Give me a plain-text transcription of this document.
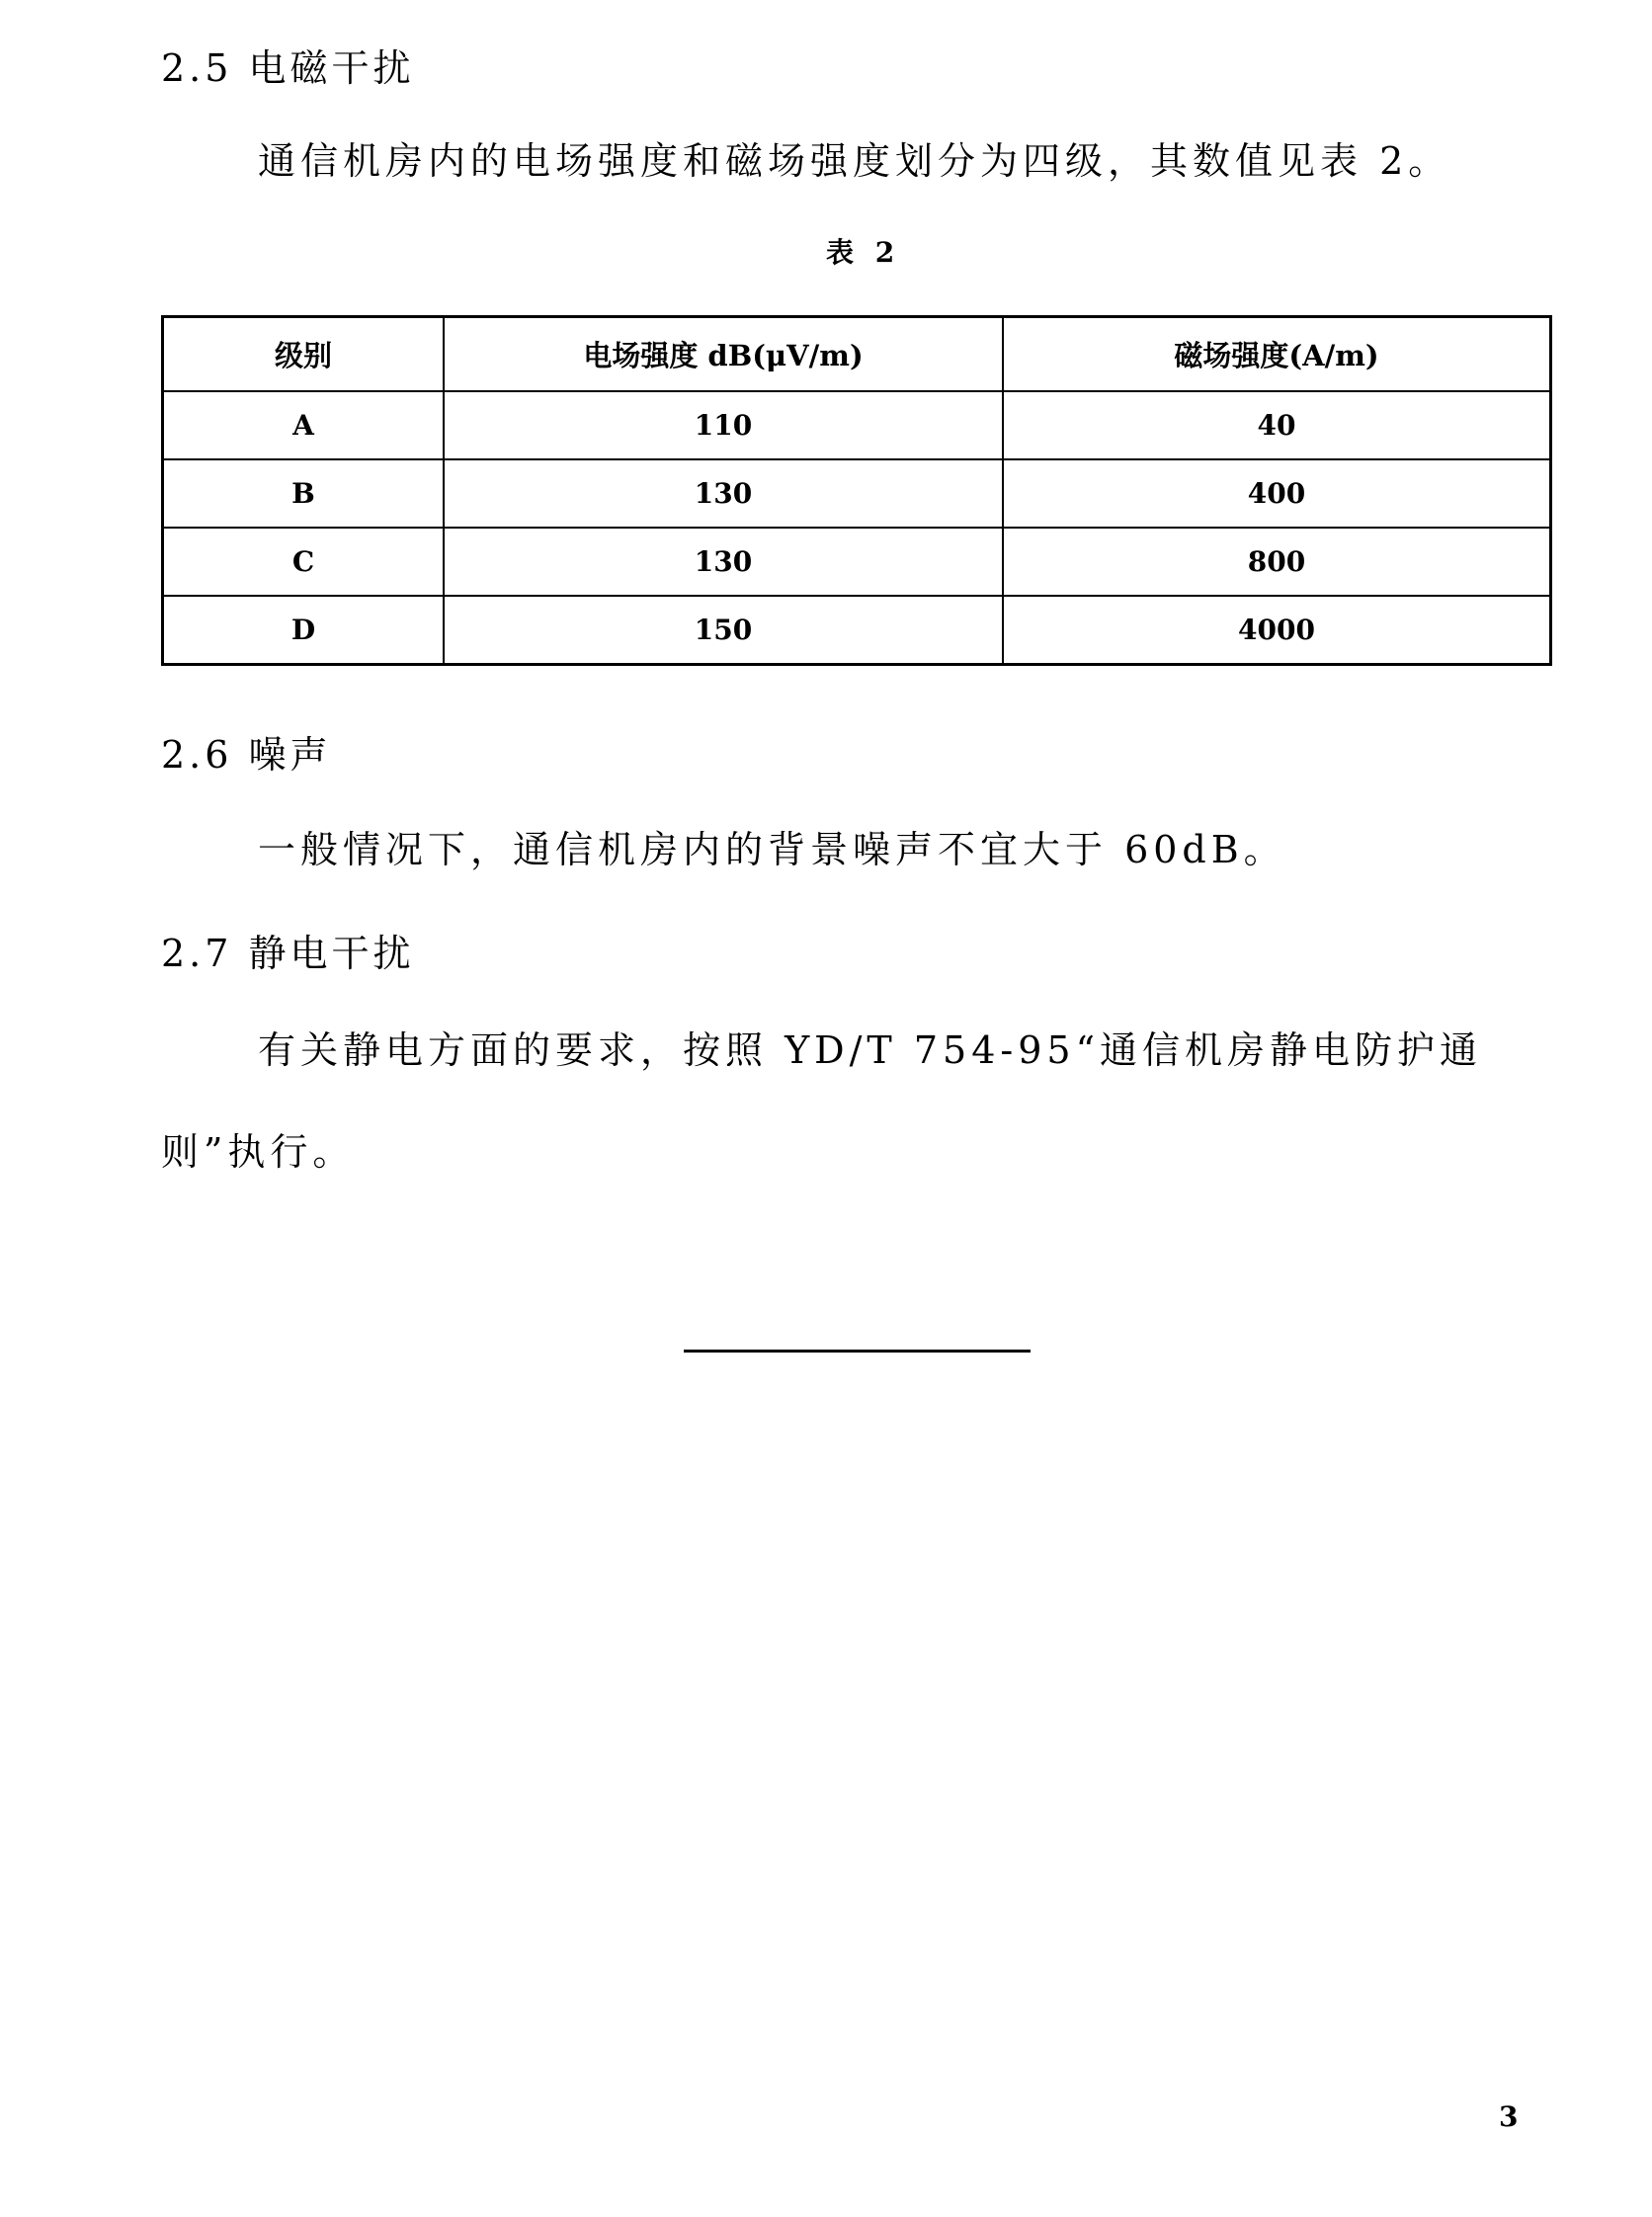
2.5 电磁干扰
通信机房内的电场强度和磁场强度划分为四级，其数值见表 2。
表 2
级别	电场强度 dB(μV/m)	磁场强度(A/m)
A	110	40
B	130	400
C	130	800
D	150	4000
2.6 噪声
一般情况下，通信机房内的背景噪声不宜大于 60dB。
2.7 静电干扰
有关静电方面的要求，按照 YD/T 754-95“通信机房静电防护通
则”执行。
3
